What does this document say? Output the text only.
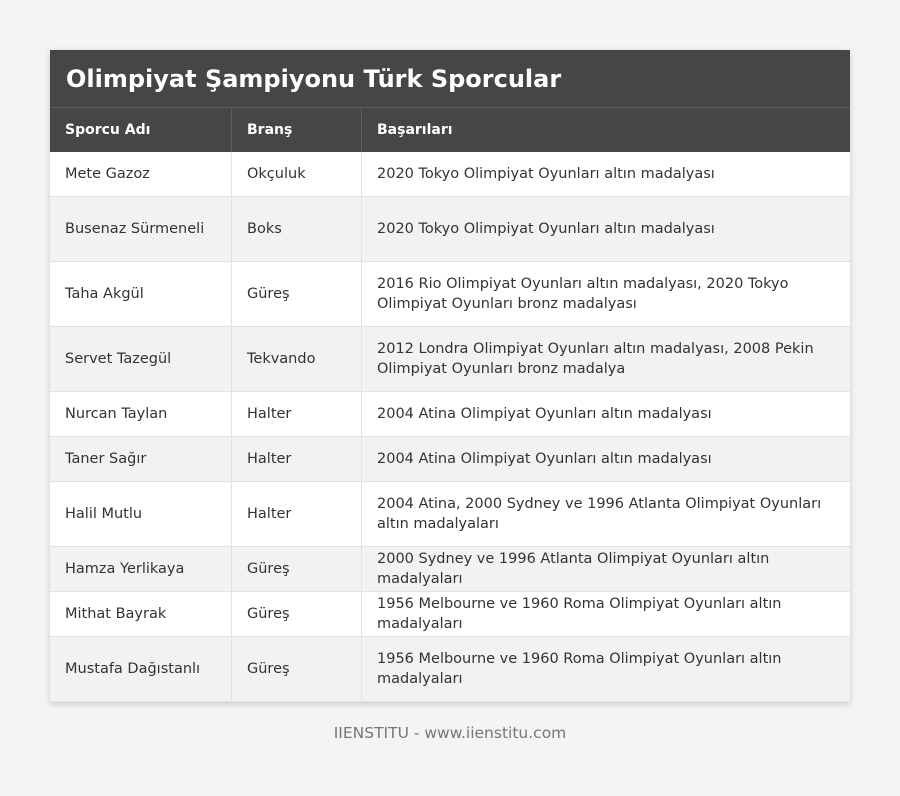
Olimpiyat Şampiyonu Türk Sporcular
Sporcu Adı	Branş	Başarıları
Mete Gazoz	Okçuluk	2020 Tokyo Olimpiyat Oyunları altın madalyası
Busenaz Sürmeneli	Boks	2020 Tokyo Olimpiyat Oyunları altın madalyası
Taha Akgül	Güreş	2016 Rio Olimpiyat Oyunları altın madalyası, 2020 Tokyo Olimpiyat Oyunları bronz madalyası
Servet Tazegül	Tekvando	2012 Londra Olimpiyat Oyunları altın madalyası, 2008 Pekin Olimpiyat Oyunları bronz madalya
Nurcan Taylan	Halter	2004 Atina Olimpiyat Oyunları altın madalyası
Taner Sağır	Halter	2004 Atina Olimpiyat Oyunları altın madalyası
Halil Mutlu	Halter	2004 Atina, 2000 Sydney ve 1996 Atlanta Olimpiyat Oyunları altın madalyaları
Hamza Yerlikaya	Güreş	2000 Sydney ve 1996 Atlanta Olimpiyat Oyunları altın madalyaları
Mithat Bayrak	Güreş	1956 Melbourne ve 1960 Roma Olimpiyat Oyunları altın madalyaları
Mustafa Dağıstanlı	Güreş	1956 Melbourne ve 1960 Roma Olimpiyat Oyunları altın madalyaları
IIENSTITU - www.iienstitu.com
